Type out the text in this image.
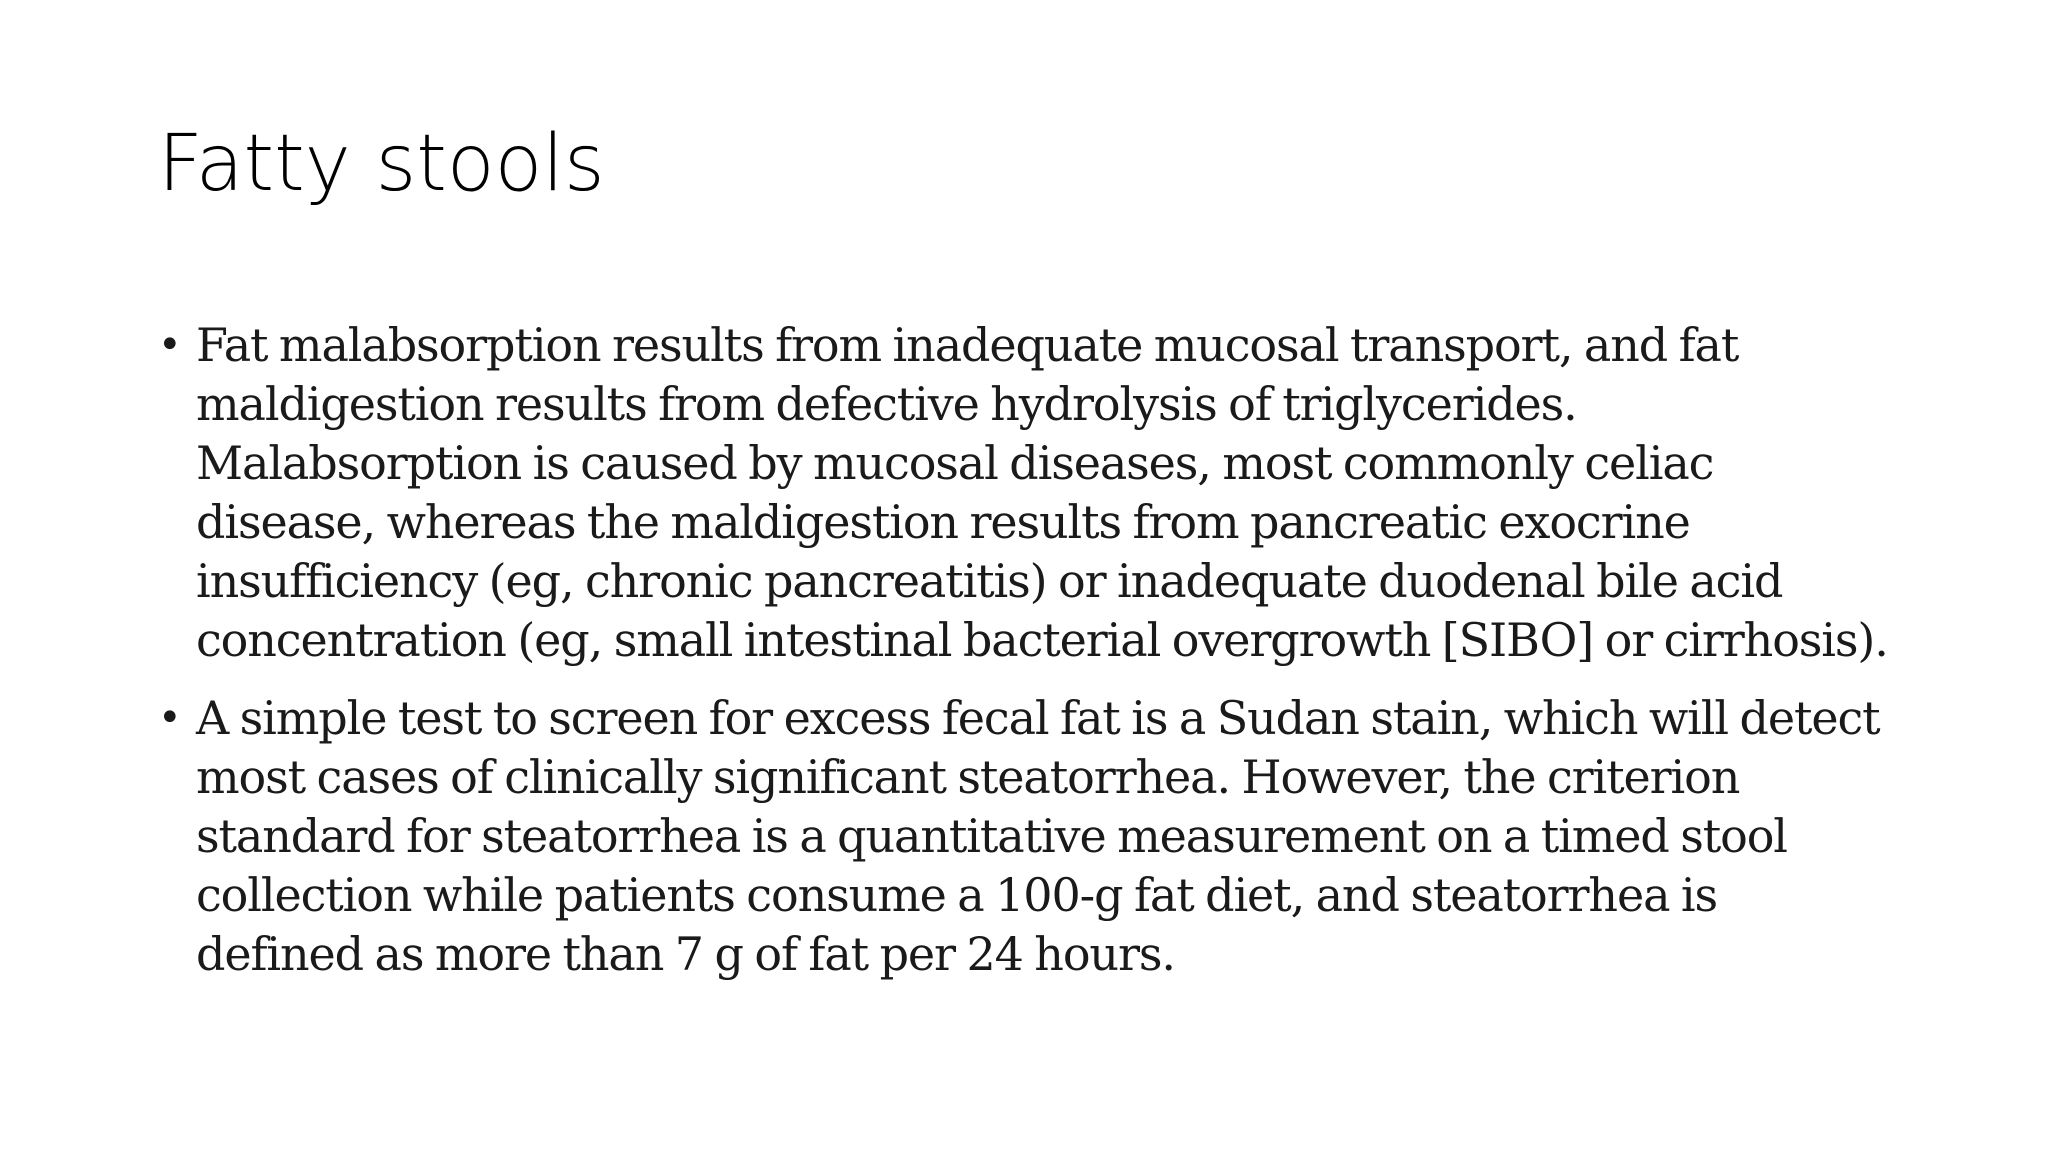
Fatty stools
• Fat malabsorption results from inadequate mucosal transport, and fat
maldigestion results from defective hydrolysis of triglycerides.
Malabsorption is caused by mucosal diseases, most commonly celiac
disease, whereas the maldigestion results from pancreatic exocrine
insufficiency (eg, chronic pancreatitis) or inadequate duodenal bile acid
concentration (eg, small intestinal bacterial overgrowth [SIBO] or cirrhosis).
• A simple test to screen for excess fecal fat is a Sudan stain, which will detect
most cases of clinically significant steatorrhea. However, the criterion
standard for steatorrhea is a quantitative measurement on a timed stool
collection while patients consume a 100-g fat diet, and steatorrhea is
defined as more than 7 g of fat per 24 hours.
